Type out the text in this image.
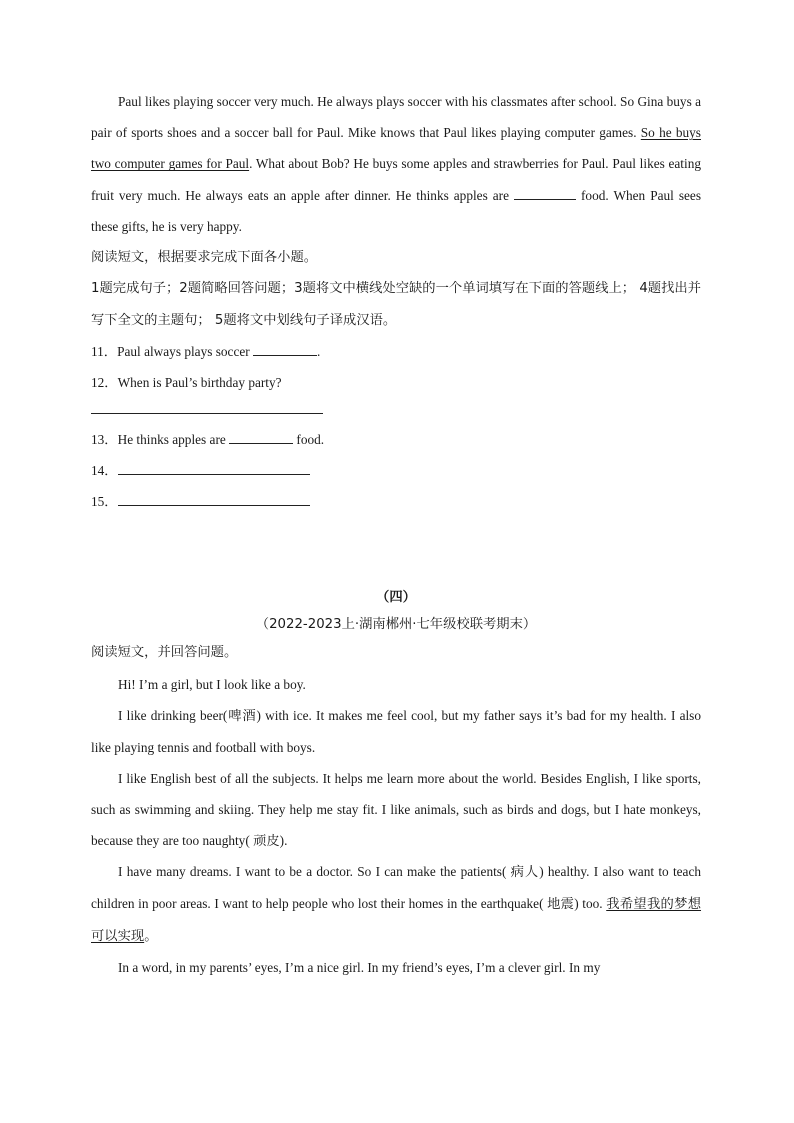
Paul likes playing soccer very much. He always plays soccer with his classmates after school. So Gina buys a pair of sports shoes and a soccer ball for Paul. Mike knows that Paul likes playing computer games. So he buys two computer games for Paul. What about Bob? He buys some apples and strawberries for Paul. Paul likes eating fruit very much. He always eats an apple after dinner. He thinks apples are	food. When Paul sees these gifts, he is very happy.

阅读短文，根据要求完成下面各小题。

1题完成句子；2题简略回答问题；3题将文中横线处空缺的一个单词填写在下面的答题线上； 4题找出并写下全文的主题句； 5题将文中划线句子译成汉语。

11．Paul always plays soccer	.

12．When is Paul’s birthday party?

13．He thinks apples are	food.

14．

15．

（四）

（2022-2023上·湖南郴州·七年级校联考期末）

阅读短文，并回答问题。

Hi! I’m a girl, but I look like a boy.

I like drinking beer(啤酒) with ice. It makes me feel cool, but my father says it’s bad for my health. I also like playing tennis and football with boys.

I like English best of all the subjects. It helps me learn more about the world. Besides English, I like sports, such as swimming and skiing. They help me stay fit. I like animals, such as birds and dogs, but I hate monkeys, because they are too naughty( 顽皮).

I have many dreams. I want to be a doctor. So I can make the patients( 病人) healthy. I also want to teach children in poor areas. I want to help people who lost their homes in the earthquake( 地震) too. 我希望我的梦想可以实现。

In a word, in my parents’ eyes, I’m a nice girl. In my friend’s eyes, I’m a clever girl. In my
